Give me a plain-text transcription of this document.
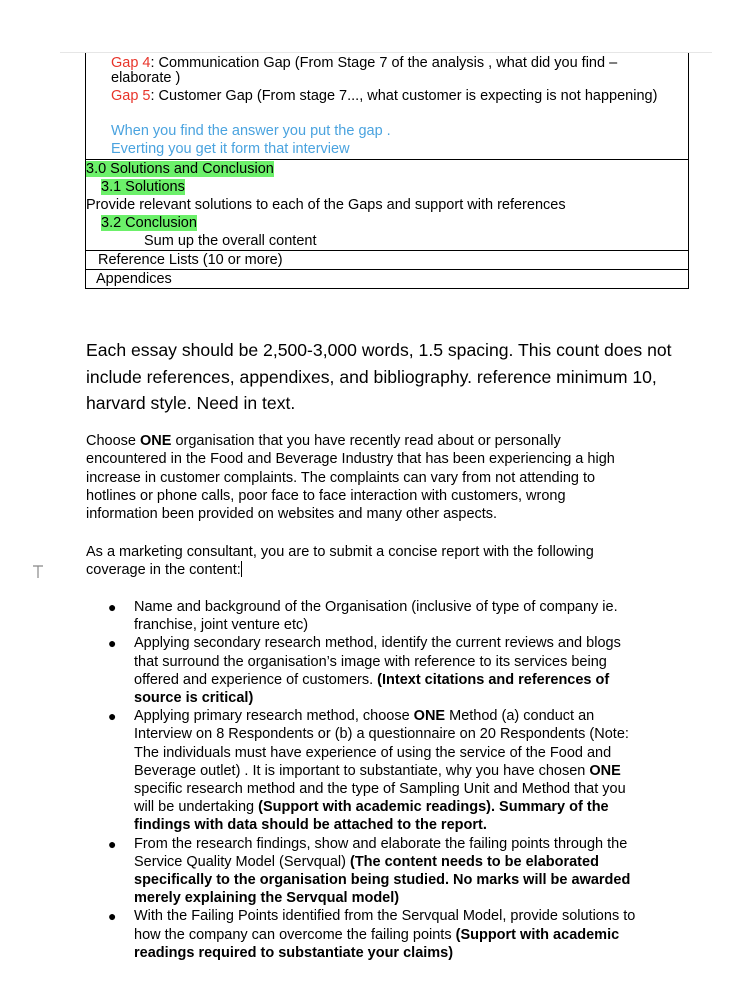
Gap 4: Communication Gap (From Stage 7 of the analysis , what did you find –
elaborate )
Gap 5: Customer Gap (From stage 7..., what customer is expecting is not happening)
When you find the answer you put the gap .
Everting you get it form that interview
3.0 Solutions and Conclusion
3.1 Solutions
Provide relevant solutions to each of the Gaps and support with references
3.2 Conclusion
Sum up the overall content
Reference Lists (10 or more)
Appendices
Each essay should be 2,500-3,000 words, 1.5 spacing. This count does not
include references, appendixes, and bibliography. reference minimum 10,
harvard style. Need in text.
Choose ONE organisation that you have recently read about or personally
encountered in the Food and Beverage Industry that has been experiencing a high
increase in customer complaints. The complaints can vary from not attending to
hotlines or phone calls, poor face to face interaction with customers, wrong
information been provided on websites and many other aspects.
As a marketing consultant, you are to submit a concise report with the following
coverage in the content:
● Name and background of the Organisation (inclusive of type of company ie.
franchise, joint venture etc)
● Applying secondary research method, identify the current reviews and blogs
that surround the organisation’s image with reference to its services being
offered and experience of customers. (Intext citations and references of
source is critical)
● Applying primary research method, choose ONE Method (a) conduct an
Interview on 8 Respondents or (b) a questionnaire on 20 Respondents (Note:
The individuals must have experience of using the service of the Food and
Beverage outlet) . It is important to substantiate, why you have chosen ONE
specific research method and the type of Sampling Unit and Method that you
will be undertaking (Support with academic readings). Summary of the
findings with data should be attached to the report.
● From the research findings, show and elaborate the failing points through the
Service Quality Model (Servqual) (The content needs to be elaborated
specifically to the organisation being studied. No marks will be awarded
merely explaining the Servqual model)
● With the Failing Points identified from the Servqual Model, provide solutions to
how the company can overcome the failing points (Support with academic
readings required to substantiate your claims)
